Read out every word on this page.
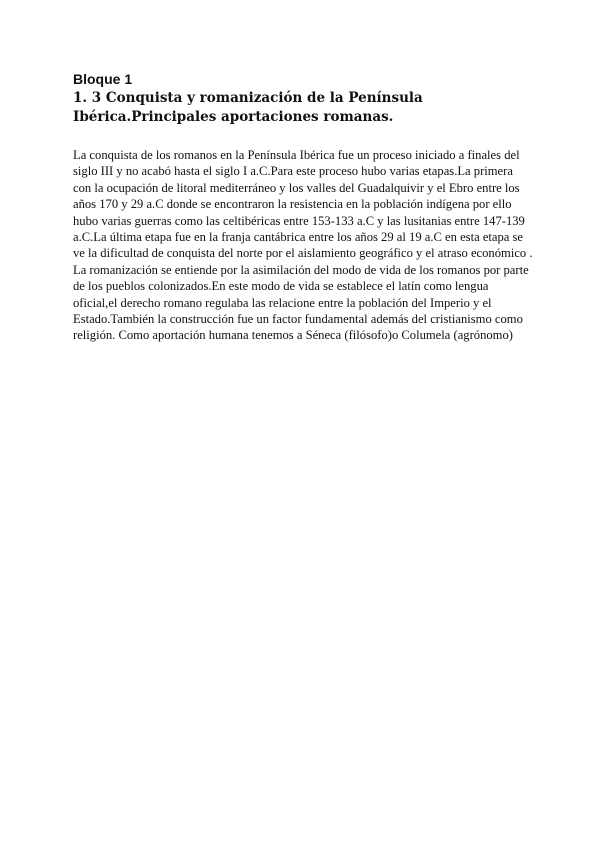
Bloque 1

1. 3 Conquista y romanización de la Península Ibérica.Principales aportaciones romanas.

La conquista de los romanos en la Península Ibérica fue un proceso iniciado a finales del siglo III y no acabó hasta el siglo I a.C.Para este proceso hubo varias etapas.La primera con la ocupación de litoral mediterráneo y los valles del Guadalquivir y el Ebro entre los años 170 y 29 a.C donde se encontraron la resistencia en la población indígena por ello hubo varias guerras como las celtibéricas entre 153-133 a.C y las lusitanias entre 147-139 a.C.La última etapa fue en la franja cantábrica entre los años 29 al 19 a.C en esta etapa se ve la dificultad de conquista del norte por el aislamiento geográfico y el atraso económico .

La romanización se entiende por la asimilación del modo de vida de los romanos por parte de los pueblos colonizados.En este modo de vida se establece el latín como lengua oficial,el derecho romano regulaba las relacione entre la población del Imperio y el Estado.También la construcción fue un factor fundamental además del cristianismo como religión. Como aportación humana tenemos a Séneca (filósofo)o Columela (agrónomo)
